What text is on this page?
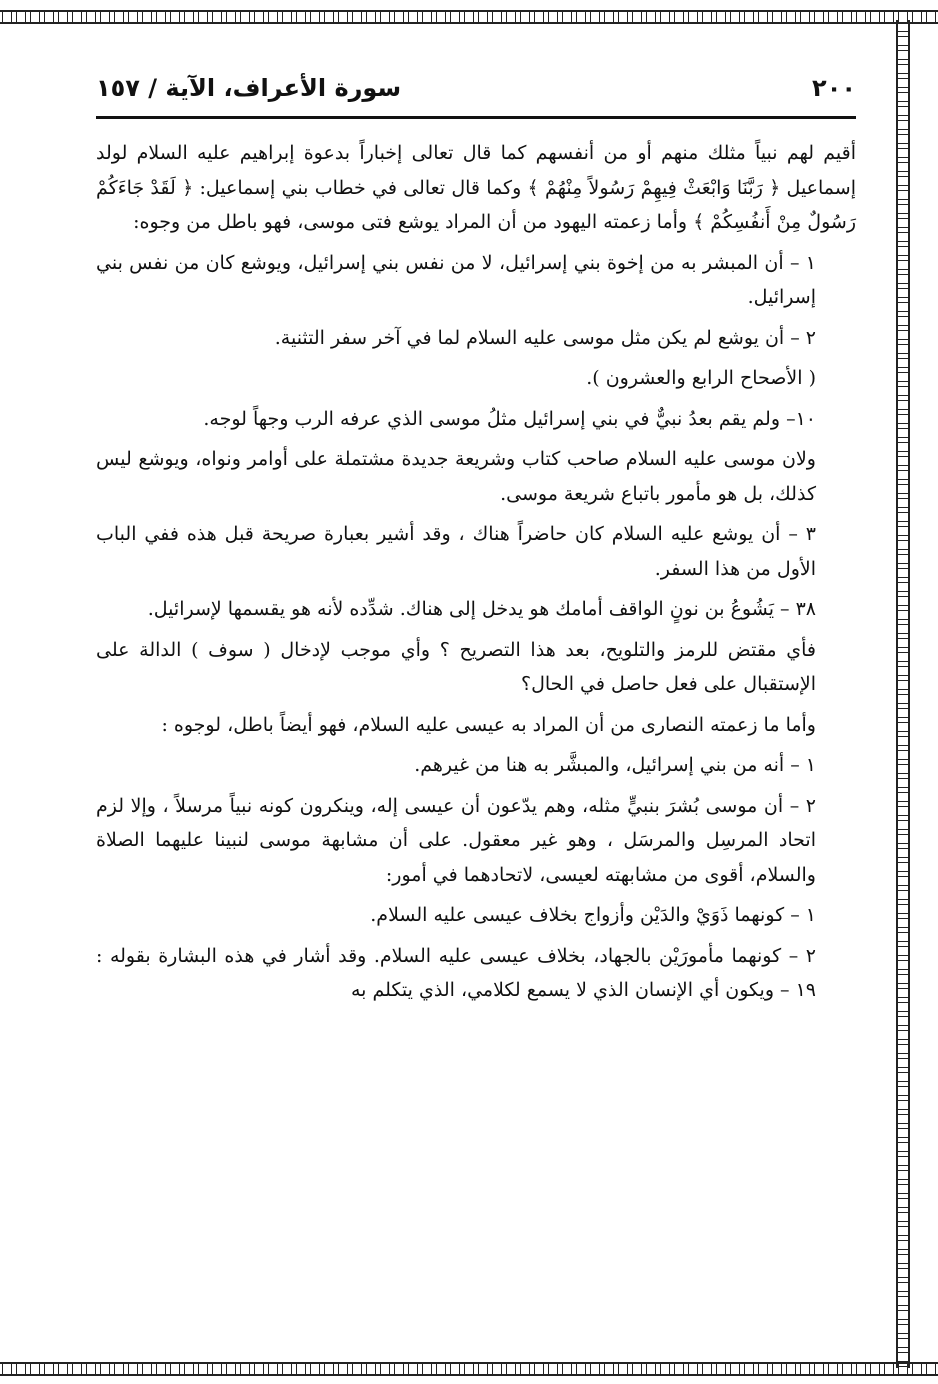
٢٠٠
سورة الأعراف، الآية / ١٥٧

أقيم لهم نبياً مثلك منهم أو من أنفسهم كما قال تعالى إخباراً بدعوة إبراهيم عليه السلام لولد إسماعيل ﴿ رَبَّنَا وَابْعَثْ فِيهِمْ رَسُولاً مِنْهُمْ ﴾ وكما قال تعالى في خطاب بني إسماعيل: ﴿ لَقَدْ جَاءَكُمْ رَسُولٌ مِنْ أَنفُسِكُمْ ﴾ وأما زعمته اليهود من أن المراد يوشع فتى موسى، فهو باطل من وجوه:

١ – أن المبشر به من إخوة بني إسرائيل، لا من نفس بني إسرائيل، ويوشع كان من نفس بني إسرائيل.

٢ – أن يوشع لم يكن مثل موسى عليه السلام لما في آخر سفر التثنية.

( الأصحاح الرابع والعشرون ).

١٠– ولم يقم بعدُ نبيٌّ في بني إسرائيل مثلُ موسى الذي عرفه الرب وجهاً لوجه.

ولان موسى عليه السلام صاحب كتاب وشريعة جديدة مشتملة على أوامر ونواه، ويوشع ليس كذلك، بل هو مأمور باتباع شريعة موسى.

٣ – أن يوشع عليه السلام كان حاضراً هناك ، وقد أشير بعبارة صريحة قبل هذه ففي الباب الأول من هذا السفر.

٣٨ – يَشُوعُ بن نونٍ الواقف أمامك هو يدخل إلى هناك. شدِّده لأنه هو يقسمها لإسرائيل.

فأي مقتض للرمز والتلويح، بعد هذا التصريح ؟ وأي موجب لإدخال ( سوف ) الدالة على الإستقبال على فعل حاصل في الحال؟

وأما ما زعمته النصارى من أن المراد به عيسى عليه السلام، فهو أيضاً باطل، لوجوه :

١ – أنه من بني إسرائيل، والمبشَّر به هنا من غيرهم.

٢ – أن موسى بُشرَ بنبيٍّ مثله، وهم يدّعون أن عيسى إله، وينكرون كونه نبياً مرسلاً ، وإلا لزم اتحاد المرسِل والمرسَل ، وهو غير معقول. على أن مشابهة موسى لنبينا عليهما الصلاة والسلام، أقوى من مشابهته لعيسى، لاتحادهما في أمور:

١ – كونهما ذَوَيْ والدَيْن وأزواج بخلاف عيسى عليه السلام.

٢ – كونهما مأمورَيْن بالجهاد، بخلاف عيسى عليه السلام. وقد أشار في هذه البشارة بقوله : ١٩ – ويكون أي الإنسان الذي لا يسمع لكلامي، الذي يتكلم به
